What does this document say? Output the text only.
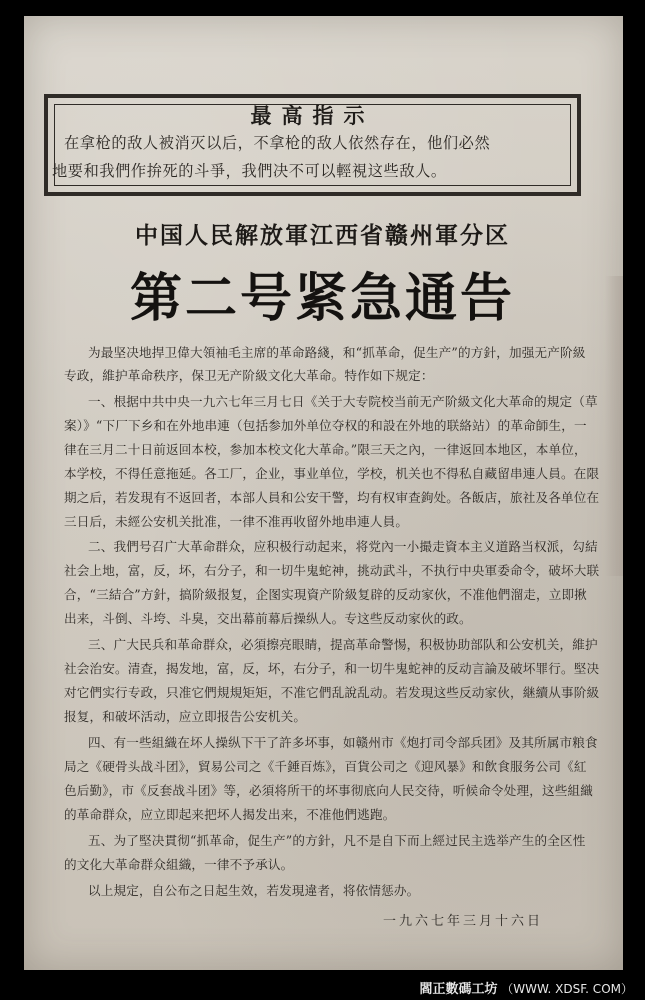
最高指示
在拿枪的敌人被消灭以后，不拿枪的敌人依然存在，他们必然
地要和我們作拚死的斗爭，我們决不可以輕視这些敌人。
中国人民解放軍江西省赣州軍分区
第二号紧急通告
为最坚决地捍卫偉大領袖毛主席的革命路綫，和“抓革命，促生产”的方針，加强无产阶級
专政，維护革命秩序，保卫无产阶級文化大革命。特作如下规定：
一、根据中共中央一九六七年三月七日《关于大专院校当前无产阶級文化大革命的規定（草
案）》“下厂下乡和在外地串連（包括参加外单位夺权的和設在外地的联絡站）的革命師生，一
律在三月二十日前返回本校，参加本校文化大革命。”限三天之內，一律返回本地区，本单位，
本学校，不得任意拖延。各工厂，企业，事业单位，学校，机关也不得私自藏留串連人員。在限
期之后，若发現有不返回者，本部人員和公安干警，均有权审查鉤处。各飯店，旅社及各单位在
三日后，未經公安机关批准，一律不准再收留外地串連人員。
二、我們号召广大革命群众，应积极行动起来，将党內一小撮走資本主义道路当权派，勾結
社会上地，富，反，坏，右分子，和一切牛鬼蛇神，挑动武斗，不执行中央軍委命令，破坏大联
合，“三結合”方針，搞阶級报复，企图实現資产阶級复辟的反动家伙，不准他們溜走，立即揪
出来，斗倒、斗垮、斗臭，交出幕前幕后操纵人。专这些反动家伙的政。
三、广大民兵和革命群众，必須擦亮眼睛，提高革命警惕，积极协助部队和公安机关，維护
社会治安。清查，揭发地，富，反，坏，右分子，和一切牛鬼蛇神的反动言論及破坏罪行。堅决
对它們实行专政，只准它們規規矩矩，不准它們乱說乱动。若发現这些反动家伙，継續从事阶級
报复，和破坏活动，应立即报告公安机关。
四、有一些組織在坏人操纵下干了許多坏事，如赣州市《炮打司令部兵团》及其所属市粮食
局之《硬骨头战斗团》，貿易公司之《千錘百炼》，百貨公司之《迎风暴》和飲食服务公司《紅
色后勤》，市《反套战斗团》等，必須将所干的坏事彻底向人民交待，听候命令处理，这些組織
的革命群众，应立即起来把坏人揭发出来，不准他們逃跑。
五、为了堅决貫彻“抓革命，促生产”的方針，凡不是自下而上經过民主选举产生的全区性
的文化大革命群众組織，一律不予承认。
以上規定，自公布之日起生效，若发現違者，将依情惩办。
一九六七年三月十六日
閻正數碼工坊 （WWW. XDSF. COM）
